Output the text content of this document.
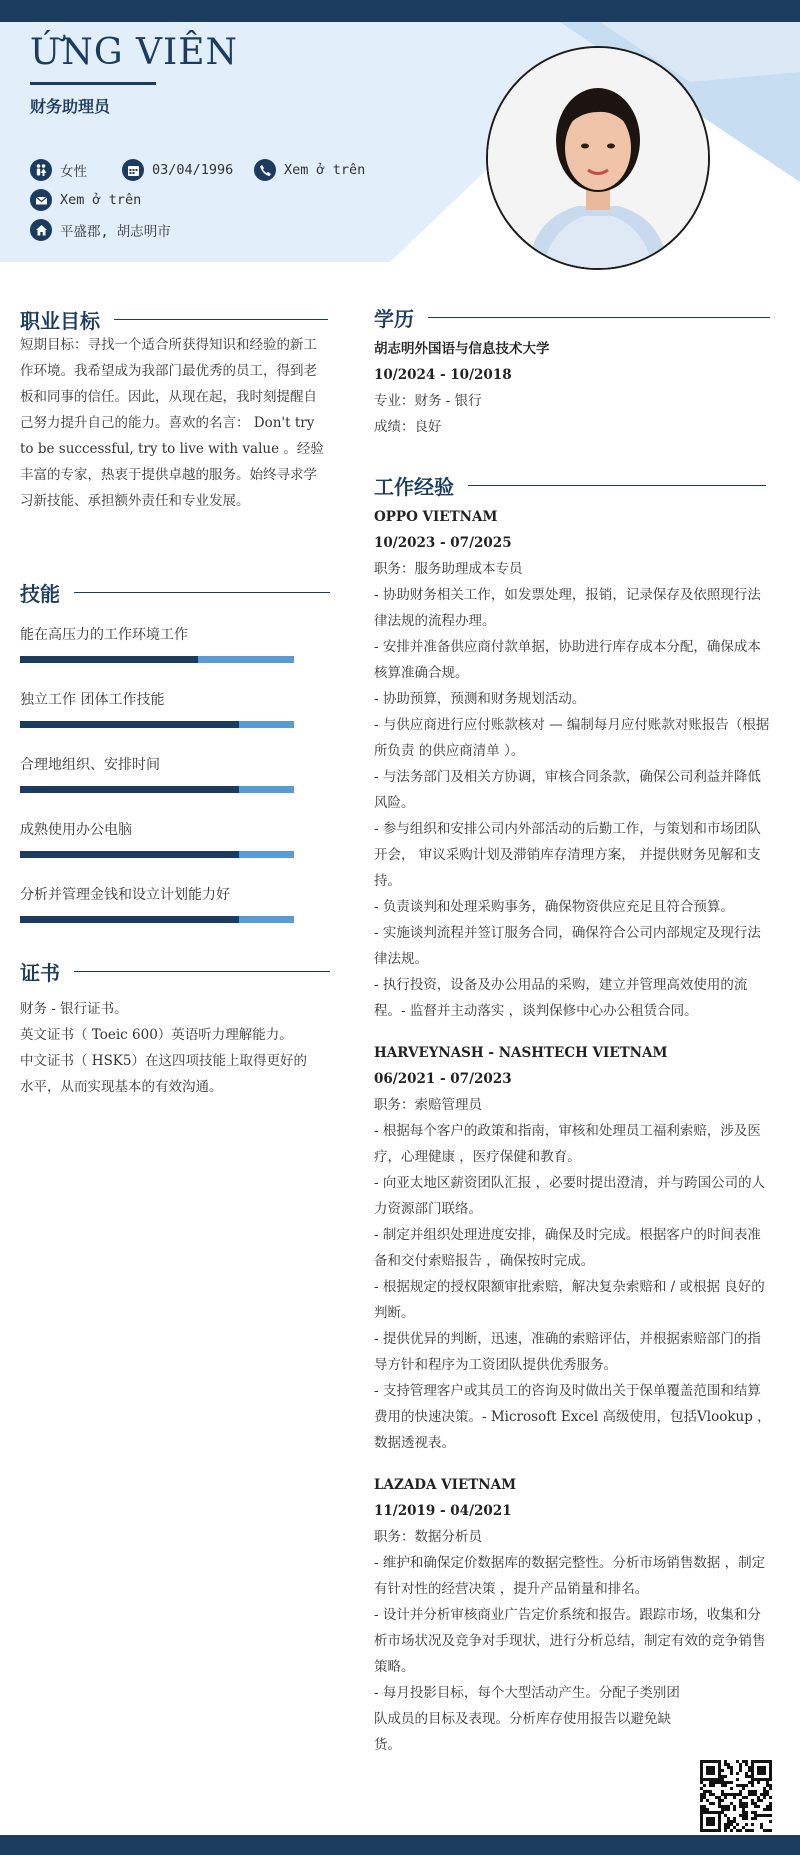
ỨNG VIÊN
财务助理员
女性	03/04/1996	Xem ở trên
Xem ở trên
平盛郡, 胡志明市
职业目标
短期目标：寻找一个适合所获得知识和经验的新工作环境。我希望成为我部门最优秀的员工，得到老板和同事的信任。因此，从现在起，我时刻提醒自己努力提升自己的能力。喜欢的名言： Don't try to be successful, try to live with value 。经验丰富的专家，热衷于提供卓越的服务。始终寻求学习新技能、承担额外责任和专业发展。
技能
能在高压力的工作环境工作
独立工作 团体工作技能
合理地组织、安排时间
成熟使用办公电脑
分析并管理金钱和设立计划能力好
证书
财务 - 银行证书。
英文证书（ Toeic 600）英语听力理解能力。
中文证书（ HSK5）在这四项技能上取得更好的水平，从而实现基本的有效沟通。
学历
胡志明外国语与信息技术大学
10/2024 - 10/2018
专业：财务 - 银行
成绩：良好
工作经验
OPPO VIETNAM
10/2023 - 07/2025
职务：服务助理成本专员
- 协助财务相关工作，如发票处理，报销，记录保存及依照现行法律法规的流程办理。
- 安排并准备供应商付款单据，协助进行库存成本分配，确保成本核算准确合规。
- 协助预算，预测和财务规划活动。
- 与供应商进行应付账款核对 — 编制每月应付账款对账报告（根据所负责 的供应商清单 ）。
- 与法务部门及相关方协调，审核合同条款，确保公司利益并降低风险。
- 参与组织和安排公司内外部活动的后勤工作，与策划和市场团队开会， 审议采购计划及滞销库存清理方案， 并提供财务见解和支持。
- 负责谈判和处理采购事务，确保物资供应充足且符合预算。
- 实施谈判流程并签订服务合同，确保符合公司内部规定及现行法律法规。
- 执行投资，设备及办公用品的采购，建立并管理高效使用的流程。- 监督并主动落实 ，谈判保修中心办公租赁合同。
HARVEYNASH - NASHTECH VIETNAM
06/2021 - 07/2023
职务：索赔管理员
- 根据每个客户的政策和指南，审核和处理员工福利索赔，涉及医疗，心理健康 ，医疗保健和教育。
- 向亚太地区薪资团队汇报 ，必要时提出澄清，并与跨国公司的人力资源部门联络。
- 制定并组织处理进度安排，确保及时完成。根据客户的时间表准备和交付索赔报告 ，确保按时完成。
- 根据规定的授权限额审批索赔，解决复杂索赔和 / 或根据 良好的判断。
- 提供优异的判断，迅速，准确的索赔评估，并根据索赔部门的指导方针和程序为工资团队提供优秀服务。
- 支持管理客户或其员工的咨询及时做出关于保单覆盖范围和结算费用的快速决策。- Microsoft Excel 高级使用，包括Vlookup ，数据透视表。
LAZADA VIETNAM
11/2019 - 04/2021
职务：数据分析员
- 维护和确保定价数据库的数据完整性。分析市场销售数据 ，制定有针对性的经营决策 ，提升产品销量和排名。
- 设计并分析审核商业广告定价系统和报告。跟踪市场，收集和分析市场状况及竞争对手现状，进行分析总结，制定有效的竞争销售策略。
- 每月投影目标，每个大型活动产生。分配子类别团队成员的目标及表现。分析库存使用报告以避免缺货。
